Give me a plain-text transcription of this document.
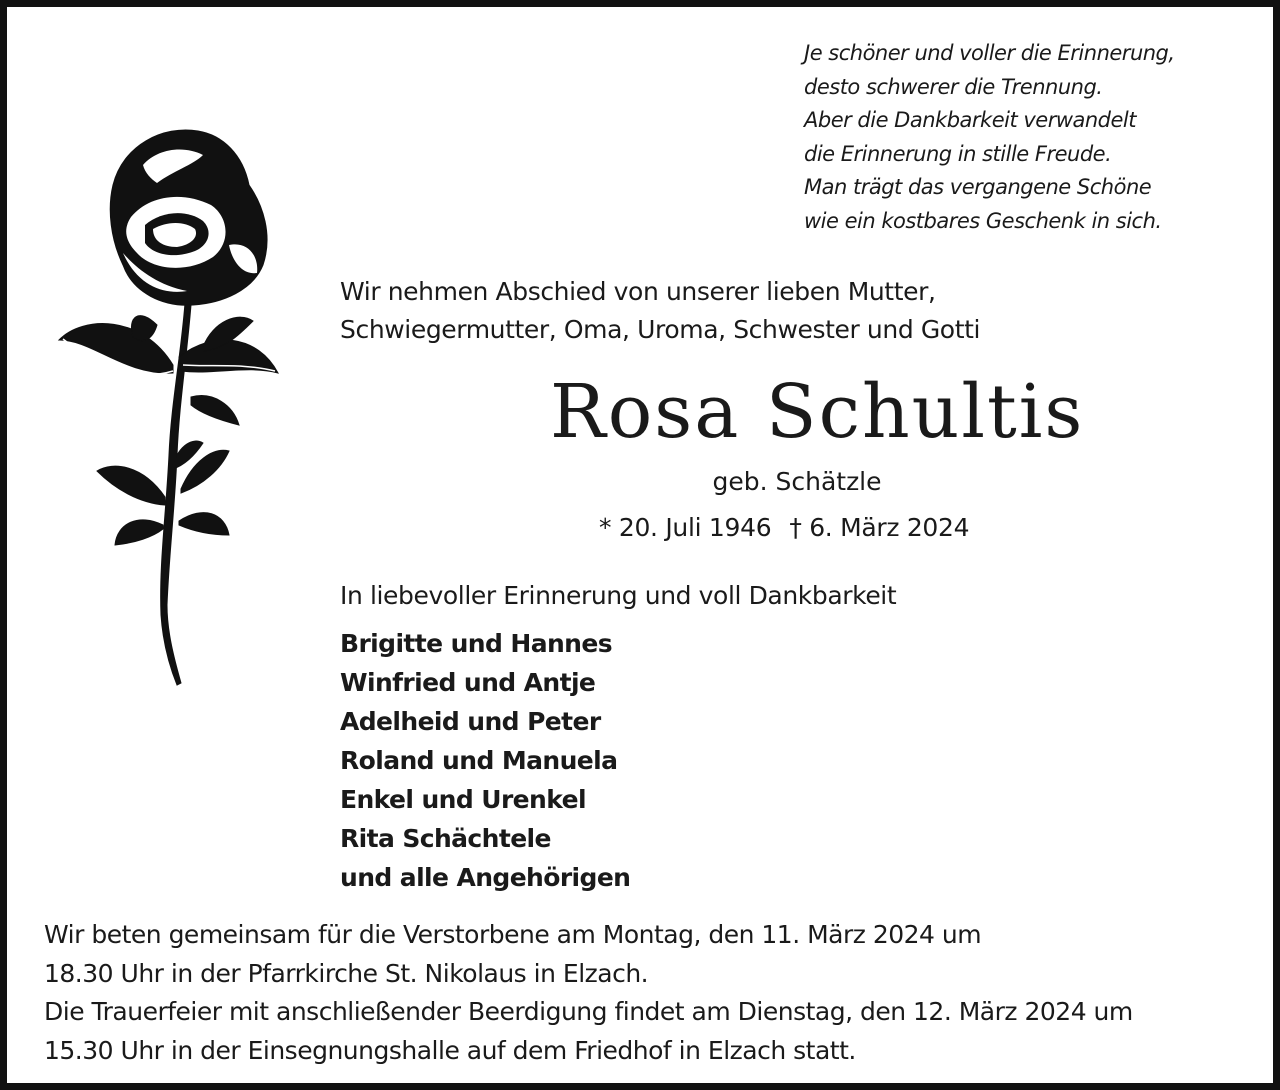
Je schöner und voller die Erinnerung,
desto schwerer die Trennung.
Aber die Dankbarkeit verwandelt
die Erinnerung in stille Freude.
Man trägt das vergangene Schöne
wie ein kostbares Geschenk in sich.
Wir nehmen Abschied von unserer lieben Mutter,
Schwiegermutter, Oma, Uroma, Schwester und Gotti
Rosa Schultis
geb. Schätzle
* 20. Juli 1946 † 6. März 2024
In liebevoller Erinnerung und voll Dankbarkeit
Brigitte und Hannes
Winfried und Antje
Adelheid und Peter
Roland und Manuela
Enkel und Urenkel
Rita Schächtele
und alle Angehörigen
Wir beten gemeinsam für die Verstorbene am Montag, den 11. März 2024 um
18.30 Uhr in der Pfarrkirche St. Nikolaus in Elzach.
Die Trauerfeier mit anschließender Beerdigung findet am Dienstag, den 12. März 2024 um
15.30 Uhr in der Einsegnungshalle auf dem Friedhof in Elzach statt.
